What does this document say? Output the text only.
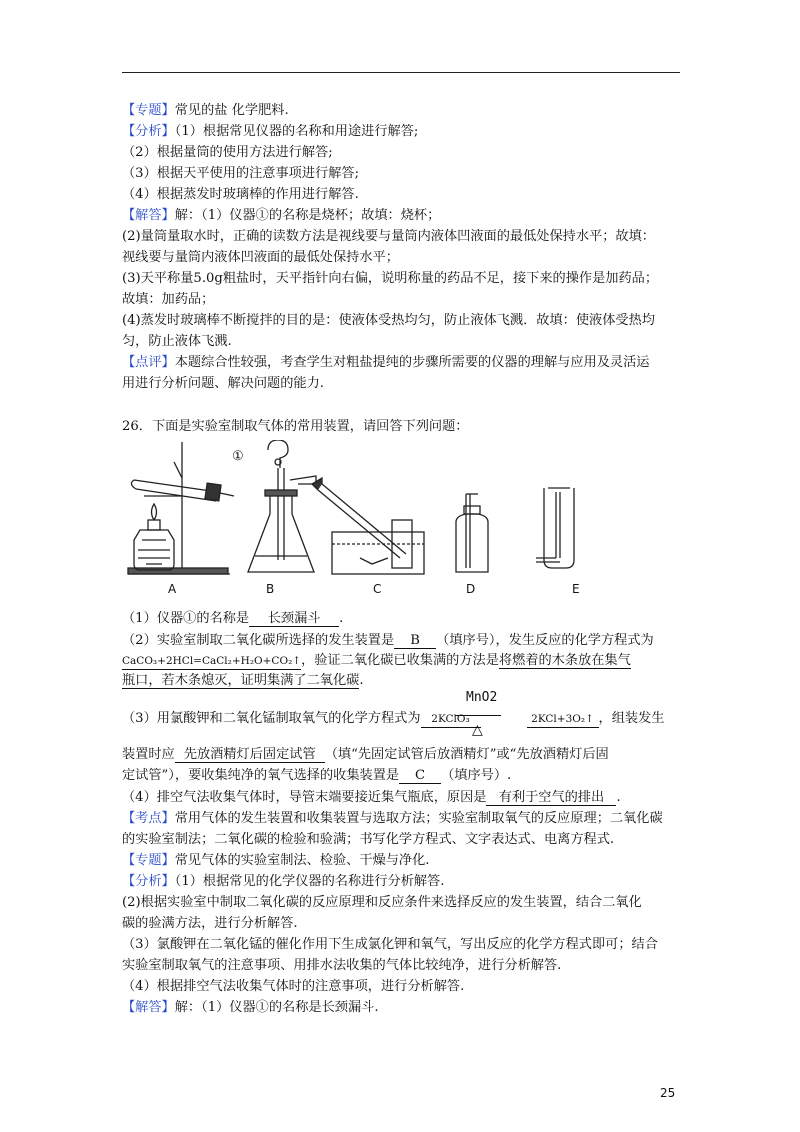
【专题】常见的盐 化学肥料.
【分析】（1）根据常见仪器的名称和用途进行解答;
（2）根据量筒的使用方法进行解答;
（3）根据天平使用的注意事项进行解答;
（4）根据蒸发时玻璃棒的作用进行解答.
【解答】解：（1）仪器①的名称是烧杯；故填：烧杯；
(2)量筒量取水时，正确的读数方法是视线要与量筒内液体凹液面的最低处保持水平；故填：
视线要与量筒内液体凹液面的最低处保持水平；
(3)天平称量5.0g粗盐时，天平指针向右偏，说明称量的药品不足，接下来的操作是加药品；
故填：加药品；
(4)蒸发时玻璃棒不断搅拌的目的是：使液体受热均匀，防止液体飞溅．故填：使液体受热均
匀，防止液体飞溅.
【点评】本题综合性较强，考查学生对粗盐提纯的步骤所需要的仪器的理解与应用及灵活运
用进行分析问题、解决问题的能力.
26．下面是实验室制取气体的常用装置，请回答下列问题：
①
A	B	C	D	E
（1）仪器①的名称是 长颈漏斗 .
（2）实验室制取二氧化碳所选择的发生装置是 B （填序号），发生反应的化学方程式为
CaCO₃+2HCl=CaCl₂+H₂O+CO₂↑，验证二氧化碳已收集满的方法是将燃着的木条放在集气
瓶口，若木条熄灭，证明集满了二氧化碳.
（3）用氯酸钾和二氧化锰制取氧气的化学方程式为 2KClO₃	2KCl+3O₂↑ ，组装发生
MnO2
△
装置时应 先放酒精灯后固定试管 （填“先固定试管后放酒精灯”或“先放酒精灯后固
定试管”），要收集纯净的氧气选择的收集装置是 C （填序号）.
（4）排空气法收集气体时，导管末端要接近集气瓶底，原因是 有利于空气的排出 .
【考点】常用气体的发生装置和收集装置与选取方法；实验室制取氧气的反应原理；二氧化碳
的实验室制法；二氧化碳的检验和验满；书写化学方程式、文字表达式、电离方程式.
【专题】常见气体的实验室制法、检验、干燥与净化.
【分析】（1）根据常见的化学仪器的名称进行分析解答.
(2)根据实验室中制取二氧化碳的反应原理和反应条件来选择反应的发生装置，结合二氧化
碳的验满方法，进行分析解答.
（3）氯酸钾在二氧化锰的催化作用下生成氯化钾和氧气，写出反应的化学方程式即可；结合
实验室制取氧气的注意事项、用排水法收集的气体比较纯净，进行分析解答.
（4）根据排空气法收集气体时的注意事项，进行分析解答.
【解答】解：（1）仪器①的名称是长颈漏斗.
25
